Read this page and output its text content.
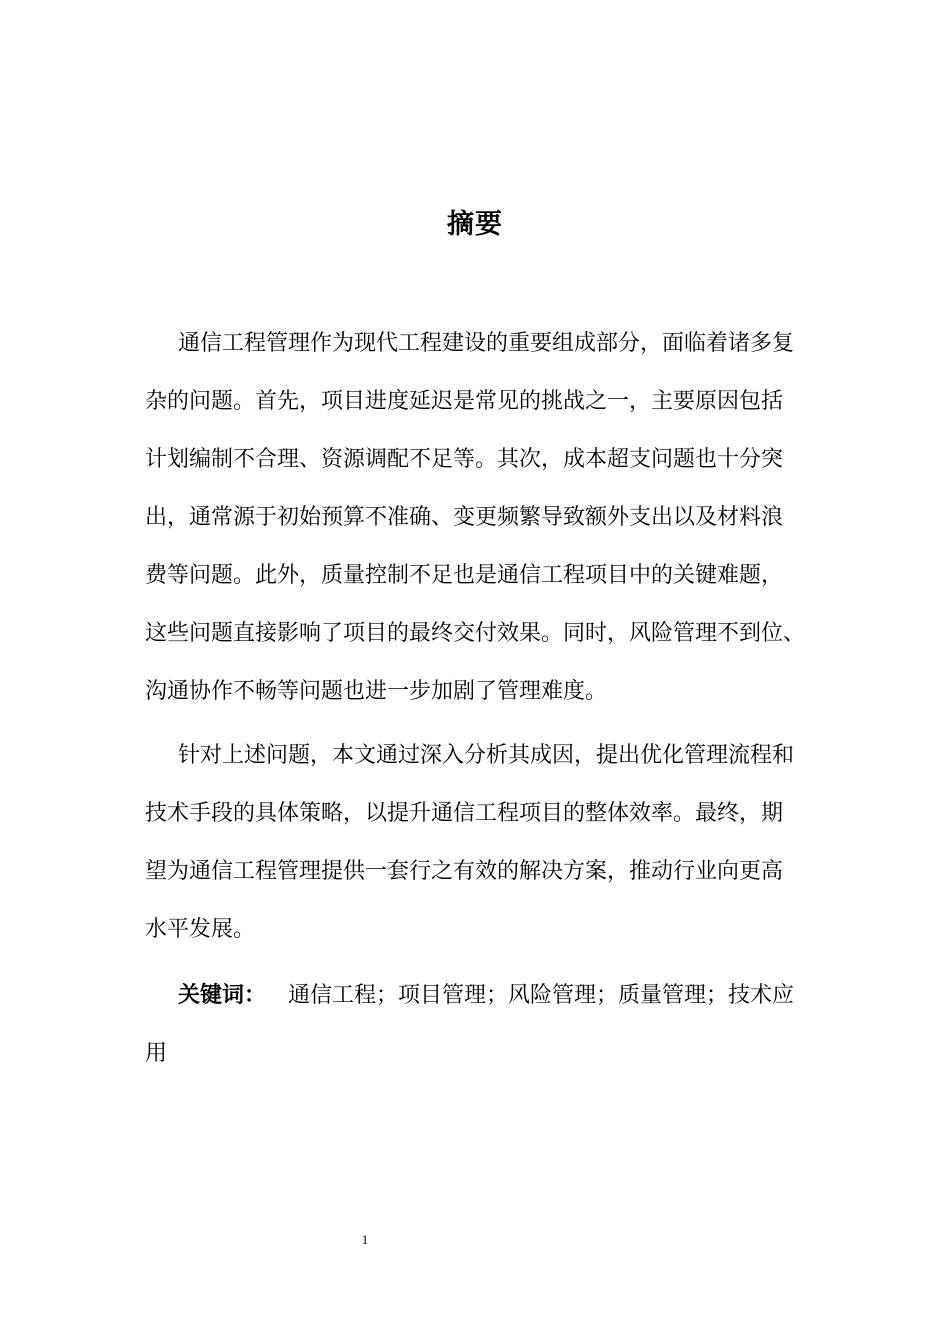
摘要
通信工程管理作为现代工程建设的重要组成部分，面临着诸多复
杂的问题。首先，项目进度延迟是常见的挑战之一，主要原因包括
计划编制不合理、资源调配不足等。其次，成本超支问题也十分突
出，通常源于初始预算不准确、变更频繁导致额外支出以及材料浪
费等问题。此外，质量控制不足也是通信工程项目中的关键难题，
这些问题直接影响了项目的最终交付效果。同时，风险管理不到位、
沟通协作不畅等问题也进一步加剧了管理难度。
针对上述问题，本文通过深入分析其成因，提出优化管理流程和
技术手段的具体策略，以提升通信工程项目的整体效率。最终，期
望为通信工程管理提供一套行之有效的解决方案，推动行业向更高
水平发展。
关键词： 通信工程；项目管理；风险管理；质量管理；技术应
用
1
